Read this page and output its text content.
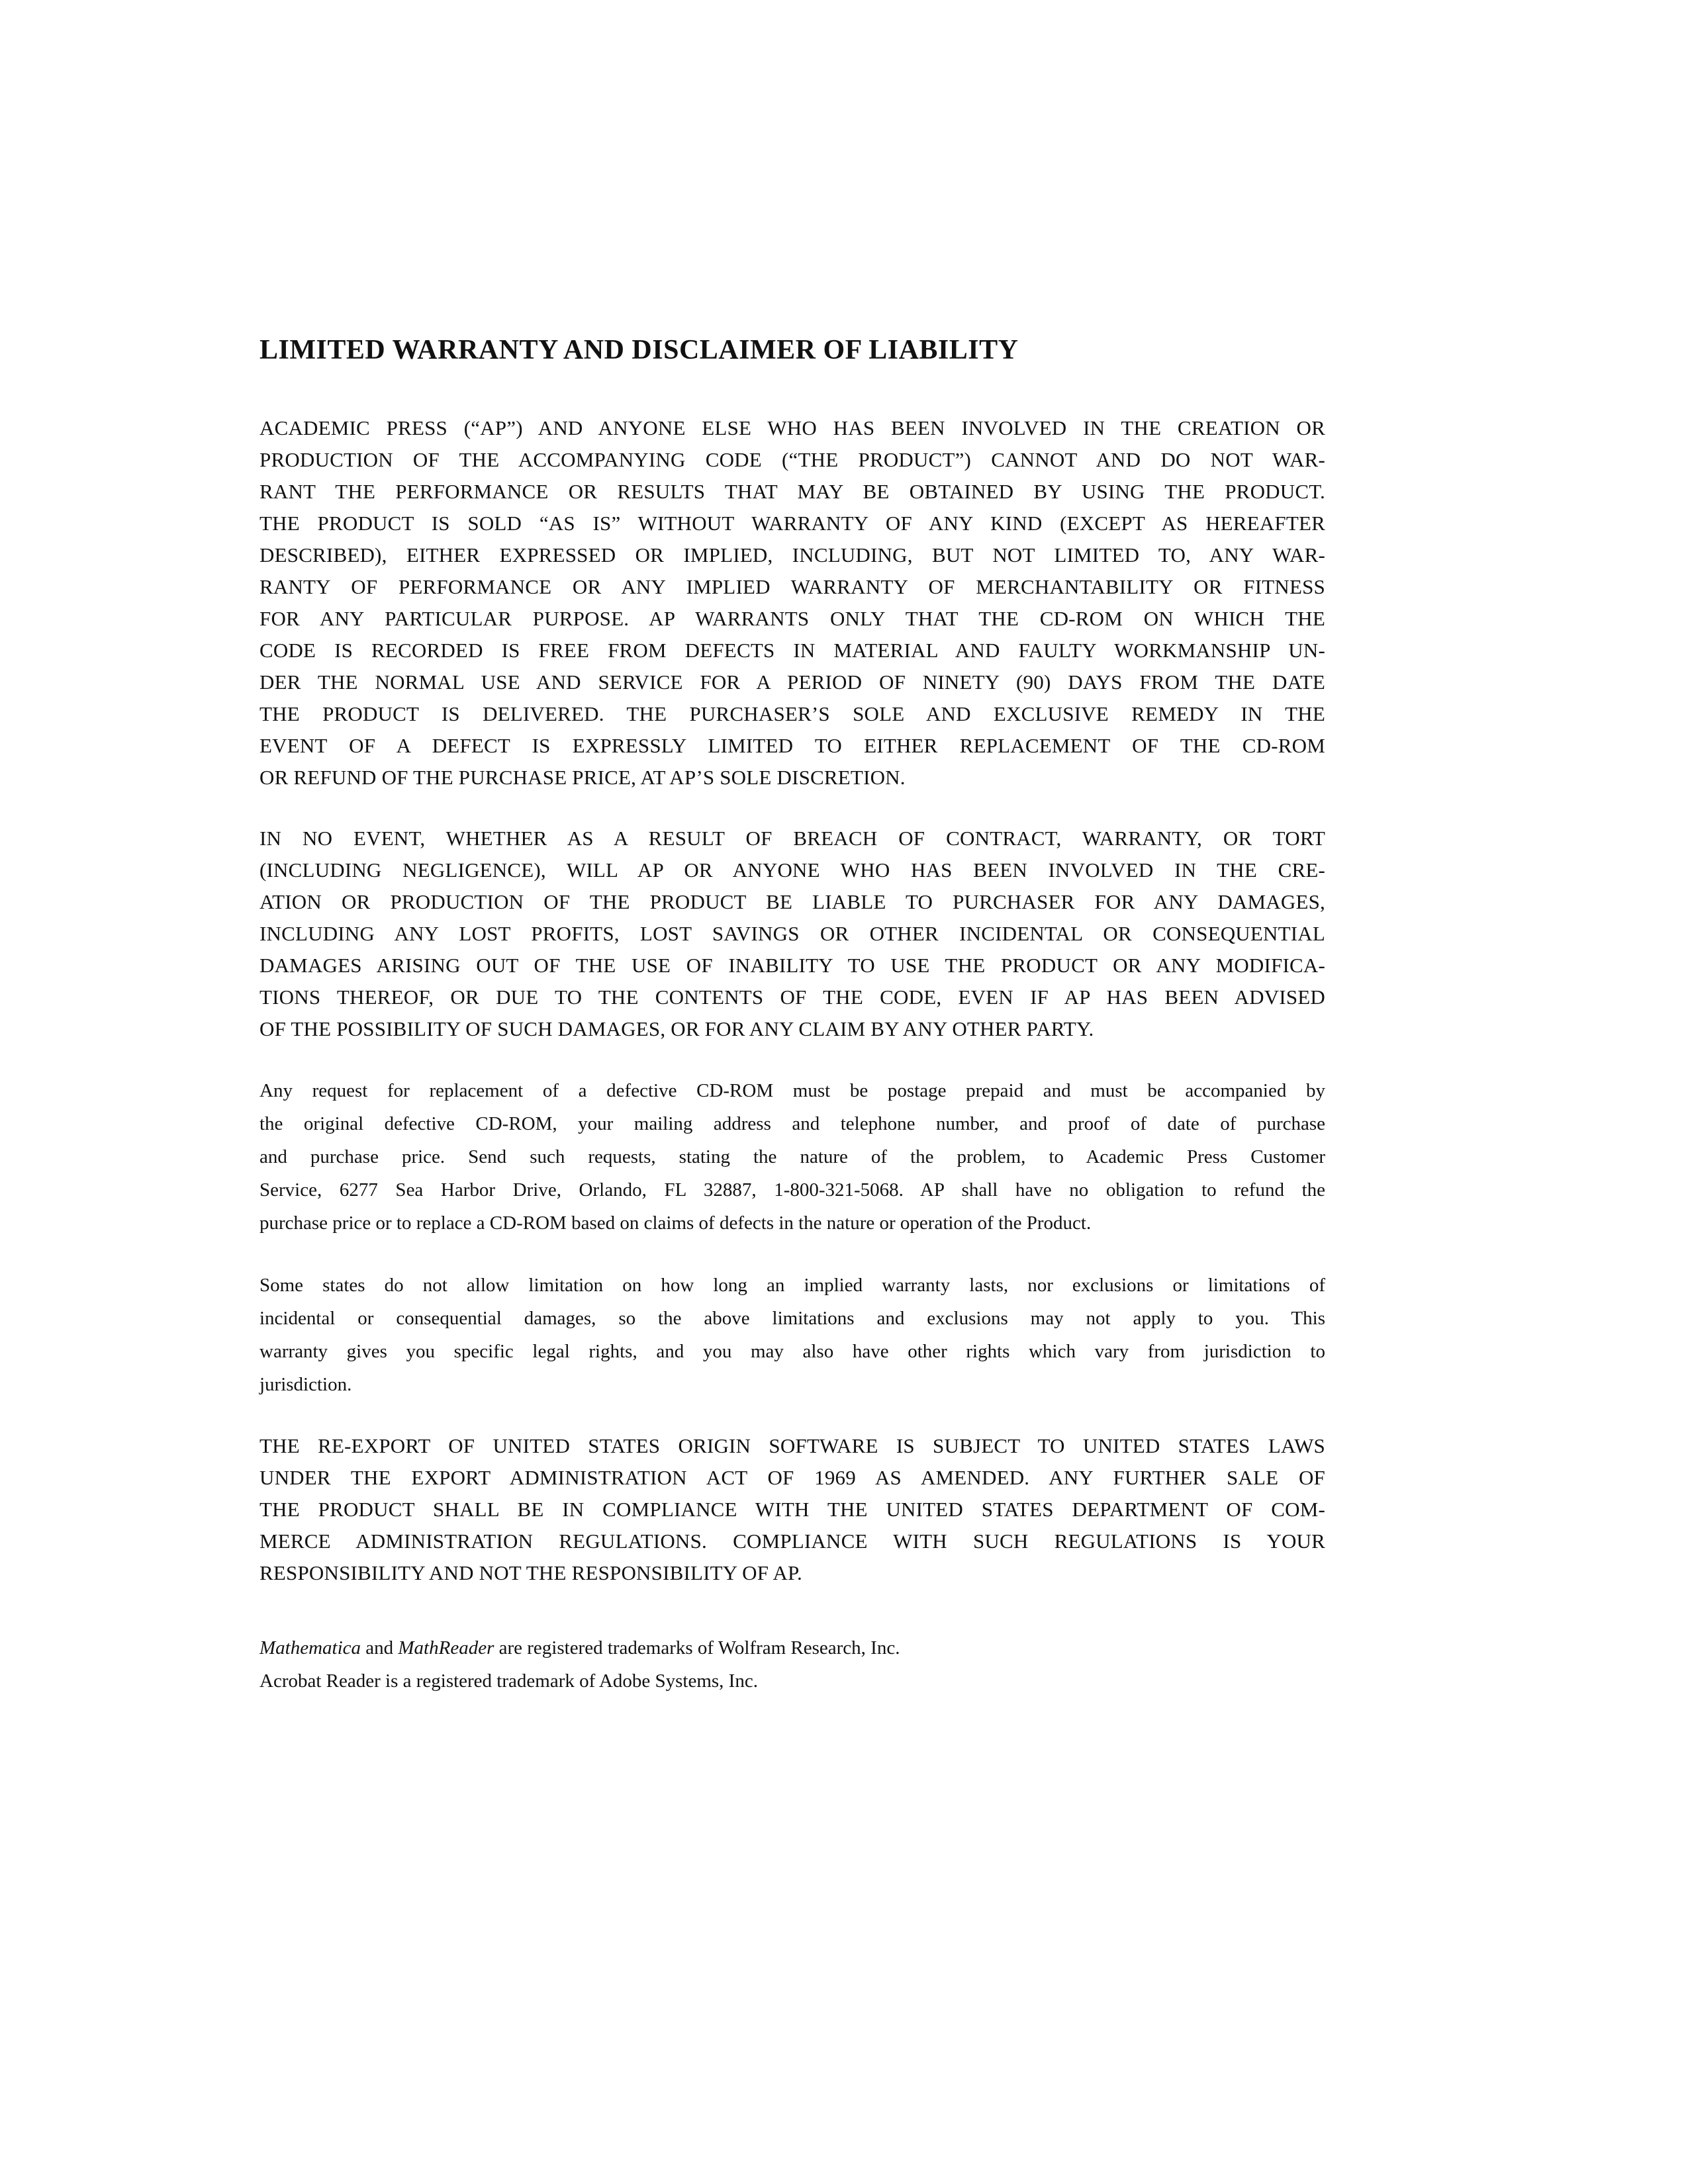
LIMITED WARRANTY AND DISCLAIMER OF LIABILITY
ACADEMIC PRESS (“AP”) AND ANYONE ELSE WHO HAS BEEN INVOLVED IN THE CREATION OR
PRODUCTION OF THE ACCOMPANYING CODE (“THE PRODUCT”) CANNOT AND DO NOT WAR-
RANT THE PERFORMANCE OR RESULTS THAT MAY BE OBTAINED BY USING THE PRODUCT.
THE PRODUCT IS SOLD “AS IS” WITHOUT WARRANTY OF ANY KIND (EXCEPT AS HEREAFTER
DESCRIBED), EITHER EXPRESSED OR IMPLIED, INCLUDING, BUT NOT LIMITED TO, ANY WAR-
RANTY OF PERFORMANCE OR ANY IMPLIED WARRANTY OF MERCHANTABILITY OR FITNESS
FOR ANY PARTICULAR PURPOSE. AP WARRANTS ONLY THAT THE CD-ROM ON WHICH THE
CODE IS RECORDED IS FREE FROM DEFECTS IN MATERIAL AND FAULTY WORKMANSHIP UN-
DER THE NORMAL USE AND SERVICE FOR A PERIOD OF NINETY (90) DAYS FROM THE DATE
THE PRODUCT IS DELIVERED. THE PURCHASER’S SOLE AND EXCLUSIVE REMEDY IN THE
EVENT OF A DEFECT IS EXPRESSLY LIMITED TO EITHER REPLACEMENT OF THE CD-ROM
OR REFUND OF THE PURCHASE PRICE, AT AP’S SOLE DISCRETION.
IN NO EVENT, WHETHER AS A RESULT OF BREACH OF CONTRACT, WARRANTY, OR TORT
(INCLUDING NEGLIGENCE), WILL AP OR ANYONE WHO HAS BEEN INVOLVED IN THE CRE-
ATION OR PRODUCTION OF THE PRODUCT BE LIABLE TO PURCHASER FOR ANY DAMAGES,
INCLUDING ANY LOST PROFITS, LOST SAVINGS OR OTHER INCIDENTAL OR CONSEQUENTIAL
DAMAGES ARISING OUT OF THE USE OF INABILITY TO USE THE PRODUCT OR ANY MODIFICA-
TIONS THEREOF, OR DUE TO THE CONTENTS OF THE CODE, EVEN IF AP HAS BEEN ADVISED
OF THE POSSIBILITY OF SUCH DAMAGES, OR FOR ANY CLAIM BY ANY OTHER PARTY.
Any request for replacement of a defective CD-ROM must be postage prepaid and must be accompanied by
the original defective CD-ROM, your mailing address and telephone number, and proof of date of purchase
and purchase price. Send such requests, stating the nature of the problem, to Academic Press Customer
Service, 6277 Sea Harbor Drive, Orlando, FL 32887, 1-800-321-5068. AP shall have no obligation to refund the
purchase price or to replace a CD-ROM based on claims of defects in the nature or operation of the Product.
Some states do not allow limitation on how long an implied warranty lasts, nor exclusions or limitations of
incidental or consequential damages, so the above limitations and exclusions may not apply to you. This
warranty gives you specific legal rights, and you may also have other rights which vary from jurisdiction to
jurisdiction.
THE RE-EXPORT OF UNITED STATES ORIGIN SOFTWARE IS SUBJECT TO UNITED STATES LAWS
UNDER THE EXPORT ADMINISTRATION ACT OF 1969 AS AMENDED. ANY FURTHER SALE OF
THE PRODUCT SHALL BE IN COMPLIANCE WITH THE UNITED STATES DEPARTMENT OF COM-
MERCE ADMINISTRATION REGULATIONS. COMPLIANCE WITH SUCH REGULATIONS IS YOUR
RESPONSIBILITY AND NOT THE RESPONSIBILITY OF AP.
Mathematica and MathReader are registered trademarks of Wolfram Research, Inc.
Acrobat Reader is a registered trademark of Adobe Systems, Inc.
